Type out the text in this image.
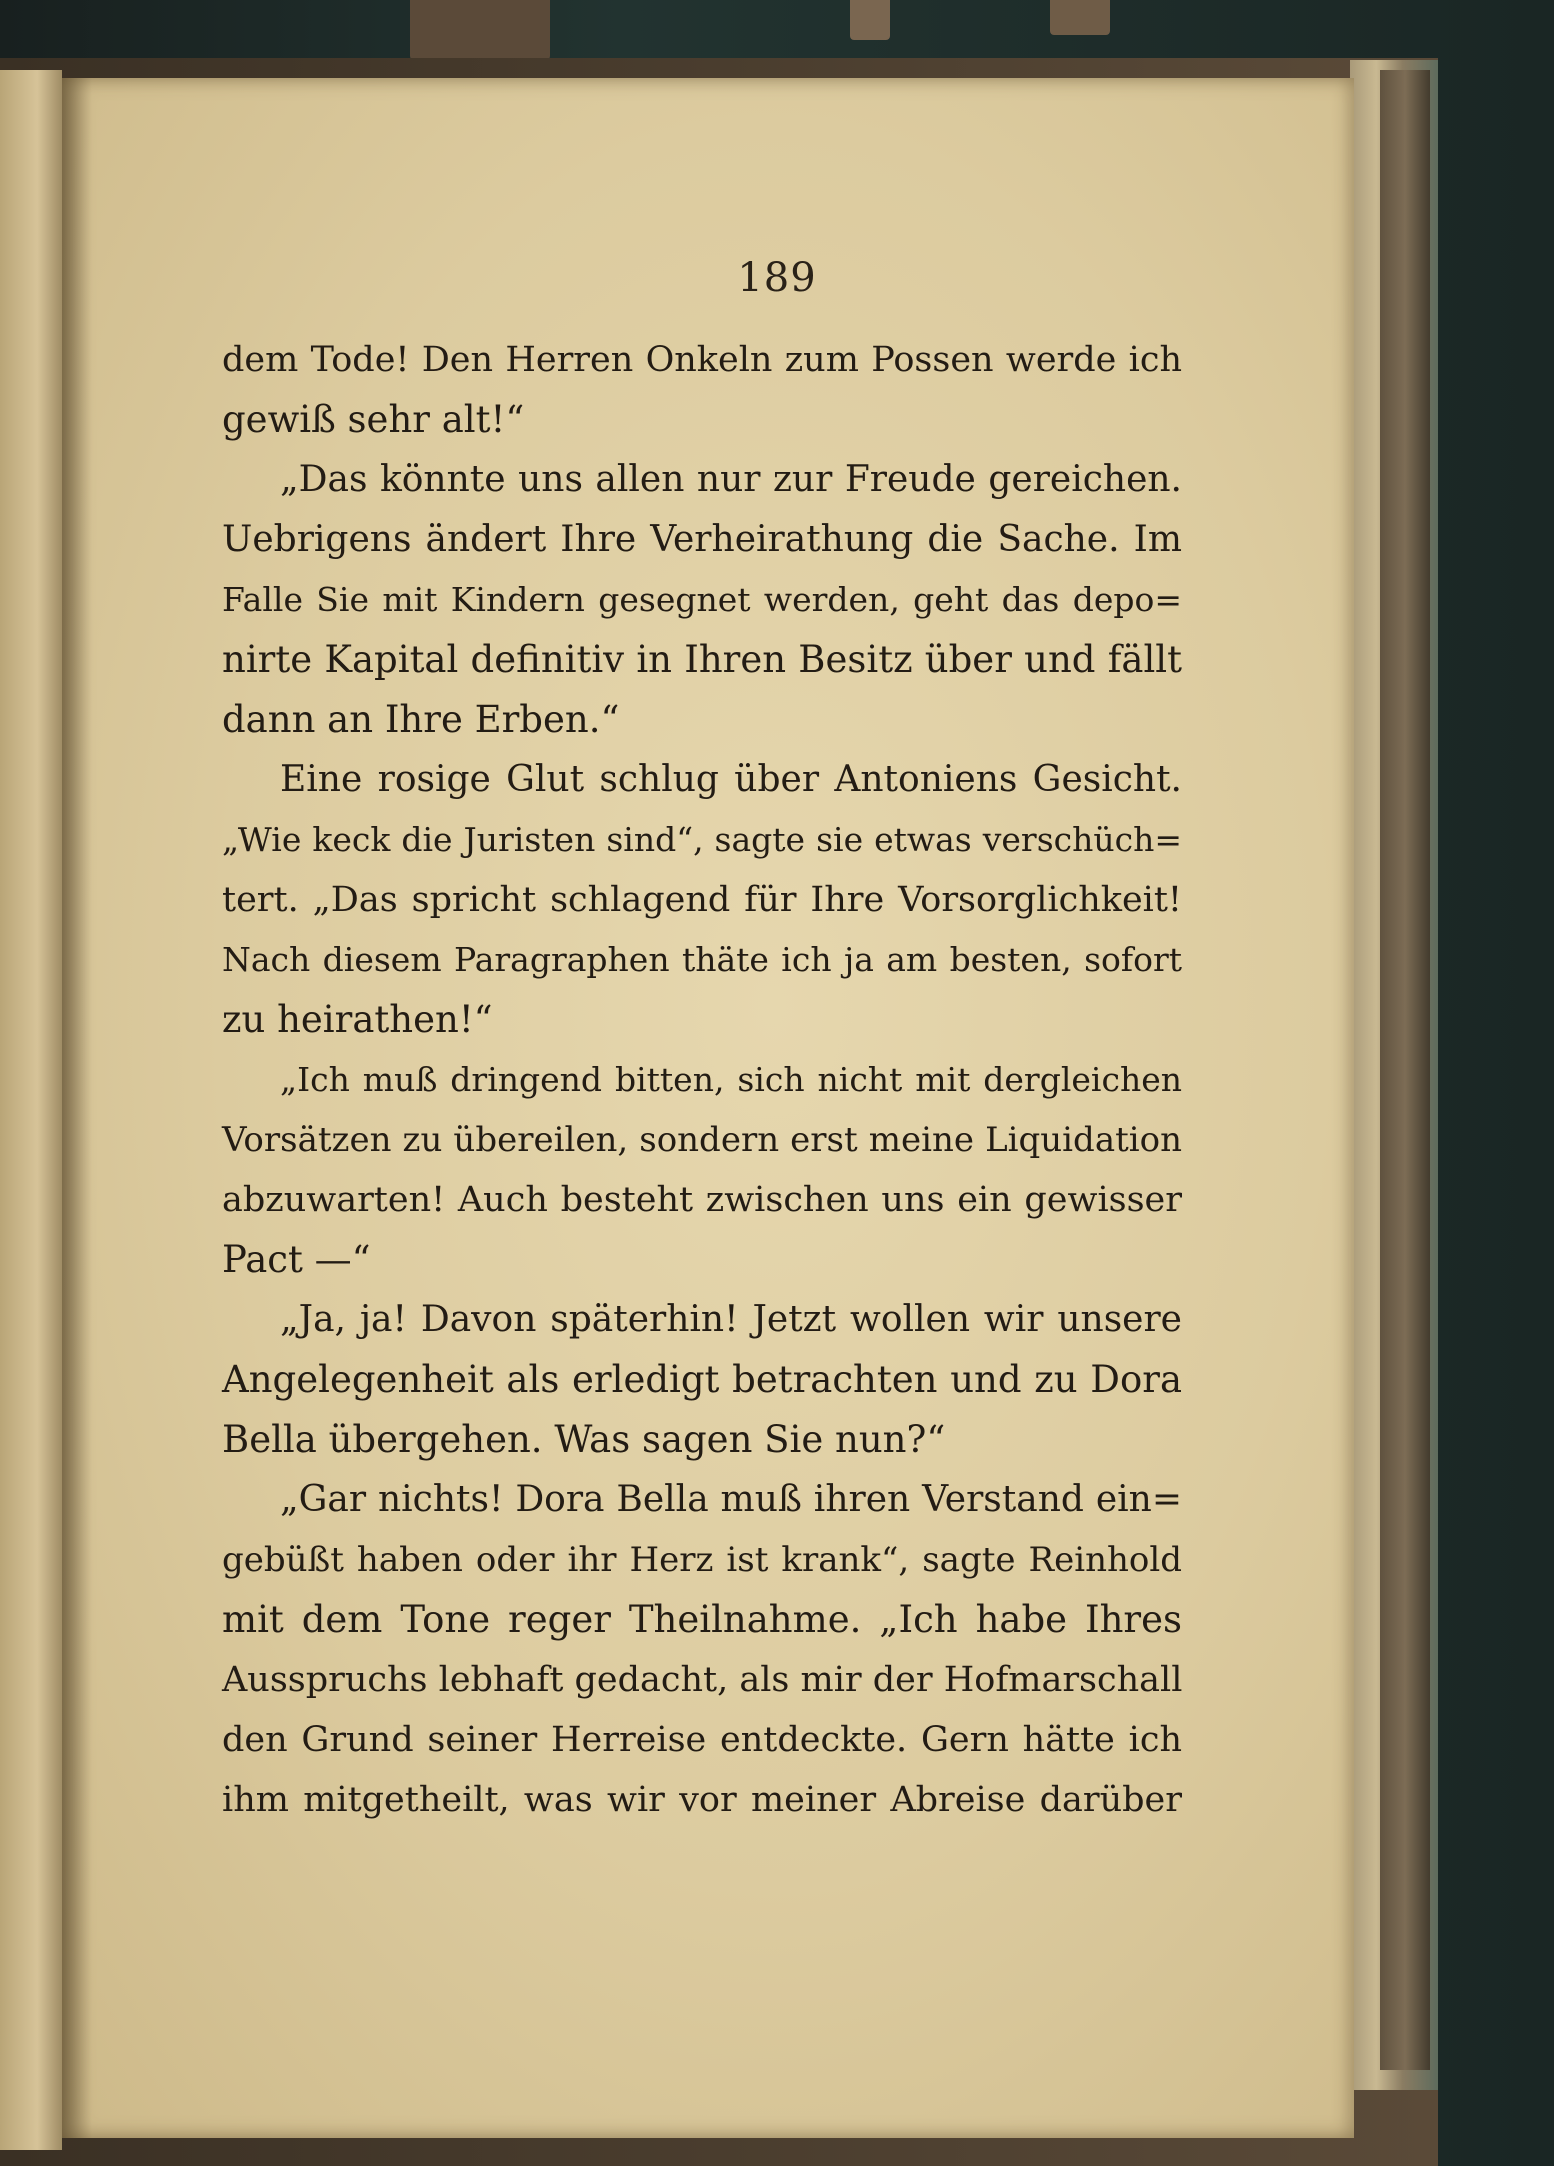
189
dem Tode! Den Herren Onkeln zum Possen werde ich
gewiß sehr alt!“
„Das könnte uns allen nur zur Freude gereichen.
Uebrigens ändert Ihre Verheirathung die Sache. Im
Falle Sie mit Kindern gesegnet werden, geht das depo=
nirte Kapital definitiv in Ihren Besitz über und fällt
dann an Ihre Erben.“
Eine rosige Glut schlug über Antoniens Gesicht.
„Wie keck die Juristen sind“, sagte sie etwas verschüch=
tert. „Das spricht schlagend für Ihre Vorsorglichkeit!
Nach diesem Paragraphen thäte ich ja am besten, sofort
zu heirathen!“
„Ich muß dringend bitten, sich nicht mit dergleichen
Vorsätzen zu übereilen, sondern erst meine Liquidation
abzuwarten! Auch besteht zwischen uns ein gewisser
Pact —“
„Ja, ja! Davon späterhin! Jetzt wollen wir unsere
Angelegenheit als erledigt betrachten und zu Dora
Bella übergehen. Was sagen Sie nun?“
„Gar nichts! Dora Bella muß ihren Verstand ein=
gebüßt haben oder ihr Herz ist krank“, sagte Reinhold
mit dem Tone reger Theilnahme. „Ich habe Ihres
Ausspruchs lebhaft gedacht, als mir der Hofmarschall
den Grund seiner Herreise entdeckte. Gern hätte ich
ihm mitgetheilt, was wir vor meiner Abreise darüber
